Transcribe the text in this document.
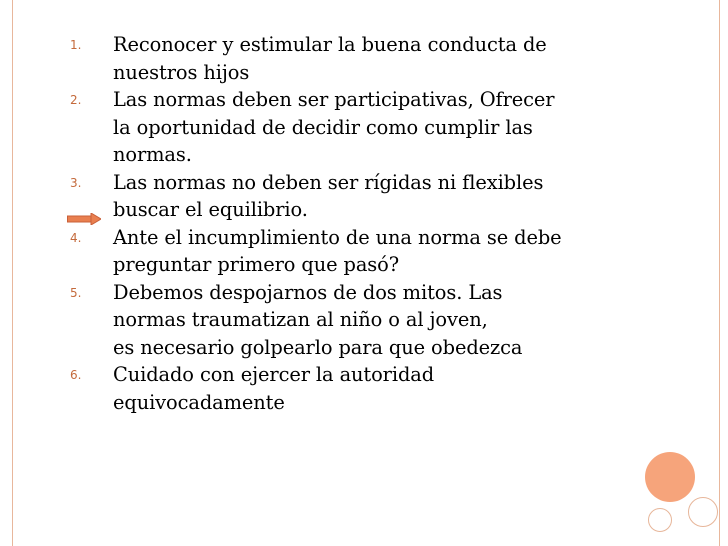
1. Reconocer y estimular la buena conducta de
nuestros hijos
2. Las normas deben ser participativas, Ofrecer
la oportunidad de decidir como cumplir las
normas.
3. Las normas no deben ser rígidas ni flexibles
buscar el equilibrio.
4. Ante el incumplimiento de una norma se debe
preguntar primero que pasó?
5. Debemos despojarnos de dos mitos. Las
normas traumatizan al niño o al joven,
es necesario golpearlo para que obedezca
6. Cuidado con ejercer la autoridad
equivocadamente
